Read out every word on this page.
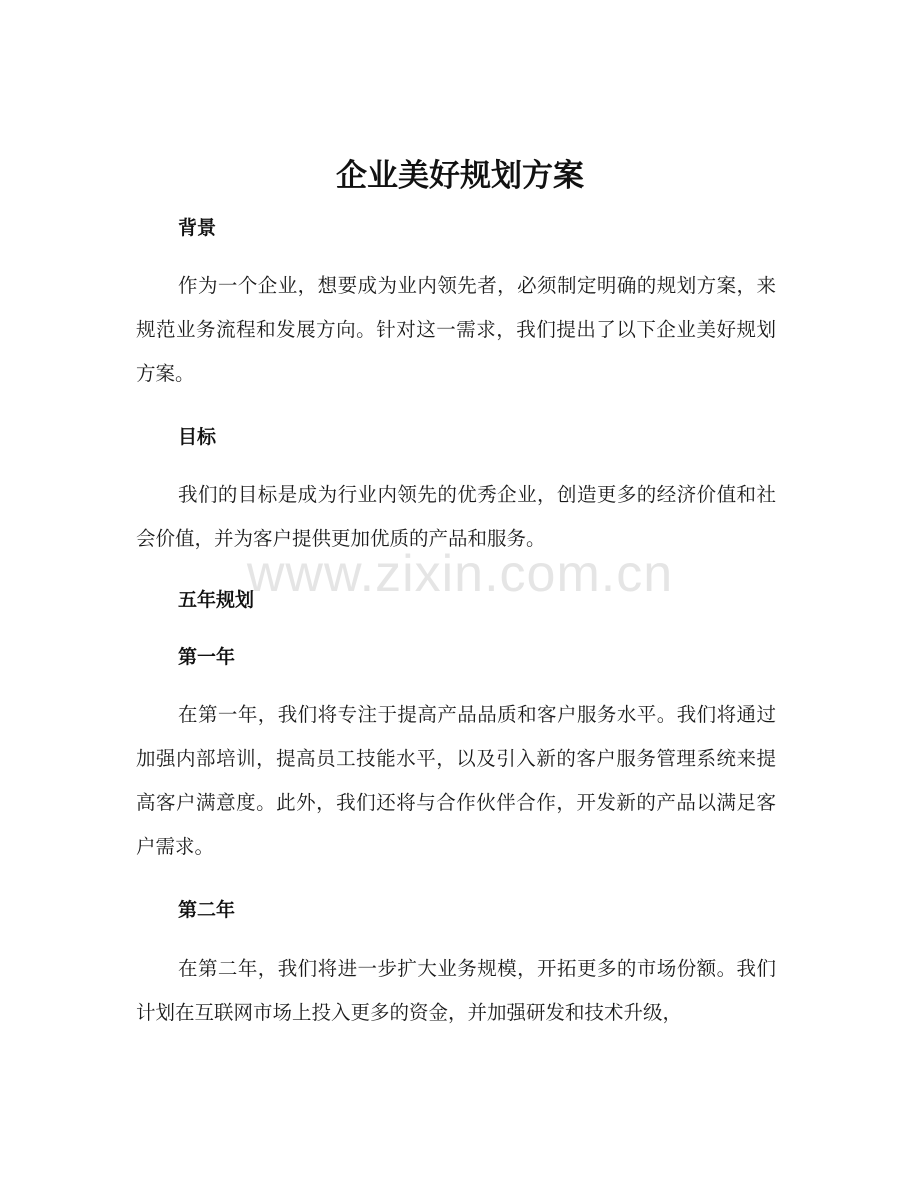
企业美好规划方案
背景
作为一个企业，想要成为业内领先者，必须制定明确的规划方案，来规范业务流程和发展方向。针对这一需求，我们提出了以下企业美好规划方案。
目标
我们的目标是成为行业内领先的优秀企业，创造更多的经济价值和社会价值，并为客户提供更加优质的产品和服务。
五年规划
第一年
在第一年，我们将专注于提高产品品质和客户服务水平。我们将通过加强内部培训，提高员工技能水平，以及引入新的客户服务管理系统来提高客户满意度。此外，我们还将与合作伙伴合作，开发新的产品以满足客户需求。
第二年
在第二年，我们将进一步扩大业务规模，开拓更多的市场份额。我们计划在互联网市场上投入更多的资金，并加强研发和技术升级，
www.zixin.com.cn
